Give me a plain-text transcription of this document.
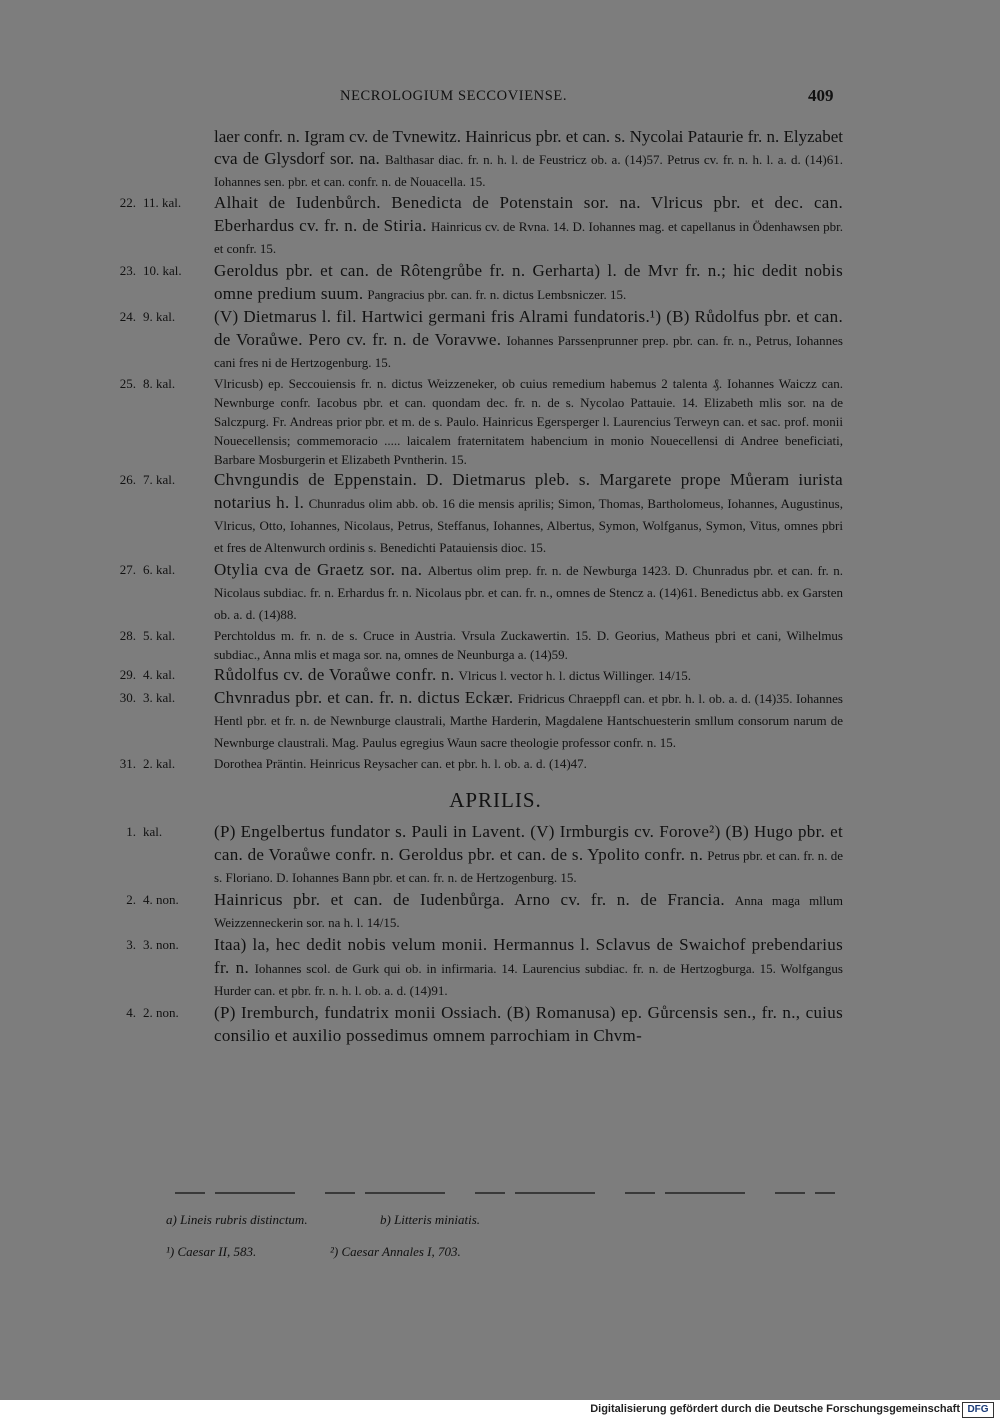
NECROLOGIUM SECCOVIENSE.	409
laer confr. n. Igram cv. de Tvnewitz. Hainricus pbr. et can. s. Nycolai Pataurie fr. n. Elyzabet cva de Glysdorf sor. na. Balthasar diac. fr. n. h. l. de Feustricz ob. a. (14)57. Petrus cv. fr. n. h. l. a. d. (14)61. Iohannes sen. pbr. et can. confr. n. de Nouacella. 15.
22. 11. kal.	Alhait de Iudenbůrch. Benedicta de Potenstain sor. na. Vlricus pbr. et dec. can. Eberhardus cv. fr. n. de Stiria. Hainricus cv. de Rvna. 14. D. Iohannes mag. et capellanus in Ödenhawsen pbr. et confr. 15.
23. 10. kal.	Geroldus pbr. et can. de Rôtengrůbe fr. n. Gerharta) l. de Mvr fr. n.; hic dedit nobis omne predium suum. Pangracius pbr. can. fr. n. dictus Lembsniczer. 15.
24. 9. kal.	(V) Dietmarus l. fil. Hartwici germani fris Alrami fundatoris.¹) (B) Růdolfus pbr. et can. de Voraůwe. Pero cv. fr. n. de Voravwe. Iohannes Parssenprunner prep. pbr. can. fr. n., Petrus, Iohannes cani fres ni de Hertzogenburg. 15.
25. 8. kal.	Vlricusb) ep. Seccouiensis fr. n. dictus Weizzeneker, ob cuius remedium habemus 2 talenta ₰. Iohannes Waiczz can. Newnburge confr. Iacobus pbr. et can. quondam dec. fr. n. de s. Nycolao Pattauie. 14. Elizabeth mlis sor. na de Salczpurg. Fr. Andreas prior pbr. et m. de s. Paulo. Hainricus Egersperger l. Laurencius Terweyn can. et sac. prof. monii Nouecellensis; commemoracio ..... laicalem fraternitatem habencium in monio Nouecellensi di Andree beneficiati, Barbare Mosburgerin et Elizabeth Pvntherin. 15.
26. 7. kal.	Chvngundis de Eppenstain. D. Dietmarus pleb. s. Margarete prope Můeram iurista notarius h. l. Chunradus olim abb. ob. 16 die mensis aprilis; Simon, Thomas, Bartholomeus, Iohannes, Augustinus, Vlricus, Otto, Iohannes, Nicolaus, Petrus, Steffanus, Iohannes, Albertus, Symon, Wolfganus, Symon, Vitus, omnes pbri et fres de Altenwurch ordinis s. Benedichti Patauiensis dioc. 15.
27. 6. kal.	Otylia cva de Graetz sor. na. Albertus olim prep. fr. n. de Newburga 1423. D. Chunradus pbr. et can. fr. n. Nicolaus subdiac. fr. n. Erhardus fr. n. Nicolaus pbr. et can. fr. n., omnes de Stencz a. (14)61. Benedictus abb. ex Garsten ob. a. d. (14)88.
28. 5. kal.	Perchtoldus m. fr. n. de s. Cruce in Austria. Vrsula Zuckawertin. 15. D. Georius, Matheus pbri et cani, Wilhelmus subdiac., Anna mlis et maga sor. na, omnes de Neunburga a. (14)59.
29. 4. kal.	Růdolfus cv. de Voraůwe confr. n. Vlricus l. vector h. l. dictus Willinger. 14/15.
30. 3. kal.	Chvnradus pbr. et can. fr. n. dictus Eckær. Fridricus Chraeppfl can. et pbr. h. l. ob. a. d. (14)35. Iohannes Hentl pbr. et fr. n. de Newnburge claustrali, Marthe Harderin, Magdalene Hantschuesterin smllum consorum narum de Newnburge claustrali. Mag. Paulus egregius Waun sacre theologie professor confr. n. 15.
31. 2. kal.	Dorothea Präntin. Heinricus Reysacher can. et pbr. h. l. ob. a. d. (14)47.
APRILIS.
1. kal.	(P) Engelbertus fundator s. Pauli in Lavent. (V) Irmburgis cv. Forove²) (B) Hugo pbr. et can. de Voraůwe confr. n. Geroldus pbr. et can. de s. Ypolito confr. n. Petrus pbr. et can. fr. n. de s. Floriano. D. Iohannes Bann pbr. et can. fr. n. de Hertzogenburg. 15.
2. 4. non.	Hainricus pbr. et can. de Iudenbůrga. Arno cv. fr. n. de Francia. Anna maga mllum Weizzenneckerin sor. na h. l. 14/15.
3. 3. non.	Itaa) la, hec dedit nobis velum monii. Hermannus l. Sclavus de Swaichof prebendarius fr. n. Iohannes scol. de Gurk qui ob. in infirmaria. 14. Laurencius subdiac. fr. n. de Hertzogburga. 15. Wolfgangus Hurder can. et pbr. fr. n. h. l. ob. a. d. (14)91.
4. 2. non.	(P) Iremburch, fundatrix monii Ossiach. (B) Romanusa) ep. Gůrcensis sen., fr. n., cuius consilio et auxilio possedimus omnem parrochiam in Chvm-
a) Lineis rubris distinctum.	b) Litteris miniatis.
¹) Caesar II, 583.	²) Caesar Annales I, 703.
Digitalisierung gefördert durch die Deutsche Forschungsgemeinschaft DFG
